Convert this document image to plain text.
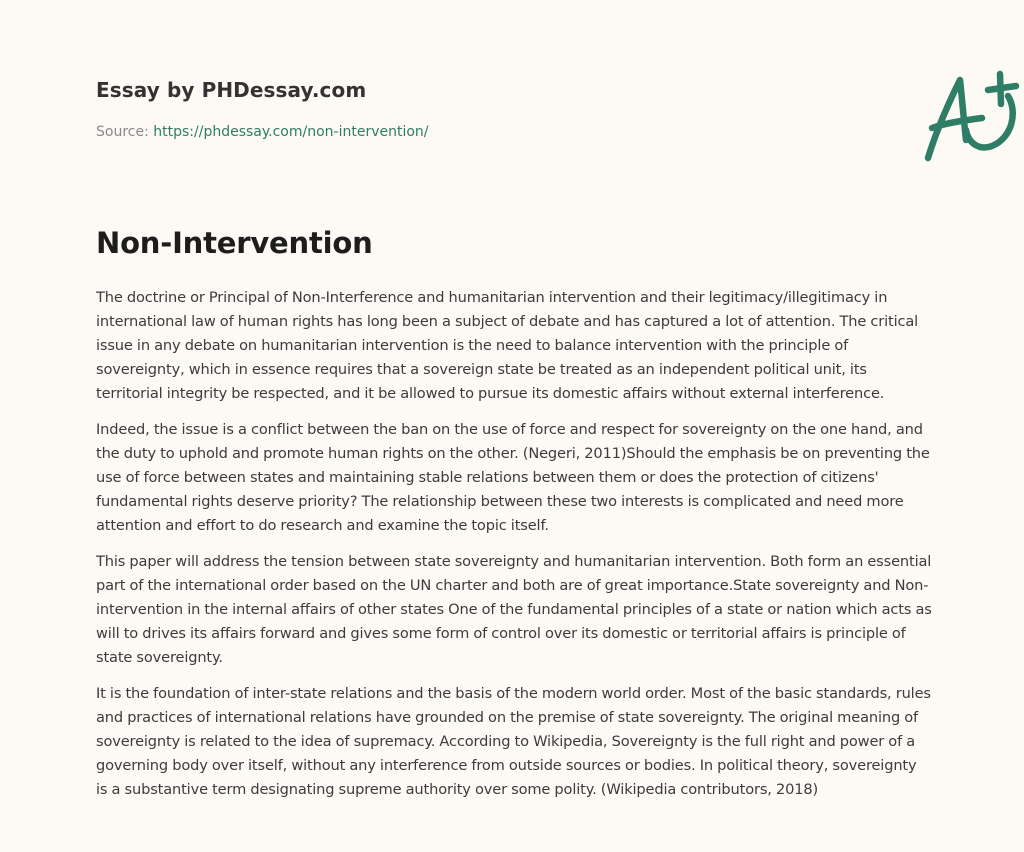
Essay by PHDessay.com
Source: https://phdessay.com/non-intervention/
Non-Intervention

The doctrine or Principal of Non-Interference and humanitarian intervention and their legitimacy/illegitimacy in international law of human rights has long been a subject of debate and has captured a lot of attention. The critical issue in any debate on humanitarian intervention is the need to balance intervention with the principle of sovereignty, which in essence requires that a sovereign state be treated as an independent political unit, its territorial integrity be respected, and it be allowed to pursue its domestic affairs without external interference.

Indeed, the issue is a conflict between the ban on the use of force and respect for sovereignty on the one hand, and the duty to uphold and promote human rights on the other. (Negeri, 2011)Should the emphasis be on preventing the use of force between states and maintaining stable relations between them or does the protection of citizens' fundamental rights deserve priority? The relationship between these two interests is complicated and need more attention and effort to do research and examine the topic itself.

This paper will address the tension between state sovereignty and humanitarian intervention. Both form an essential part of the international order based on the UN charter and both are of great importance.State sovereignty and Non-intervention in the internal affairs of other states One of the fundamental principles of a state or nation which acts as will to drives its affairs forward and gives some form of control over its domestic or territorial affairs is principle of state sovereignty.

It is the foundation of inter-state relations and the basis of the modern world order. Most of the basic standards, rules and practices of international relations have grounded on the premise of state sovereignty. The original meaning of sovereignty is related to the idea of supremacy. According to Wikipedia, Sovereignty is the full right and power of a governing body over itself, without any interference from outside sources or bodies. In political theory, sovereignty is a substantive term designating supreme authority over some polity. (Wikipedia contributors, 2018)
